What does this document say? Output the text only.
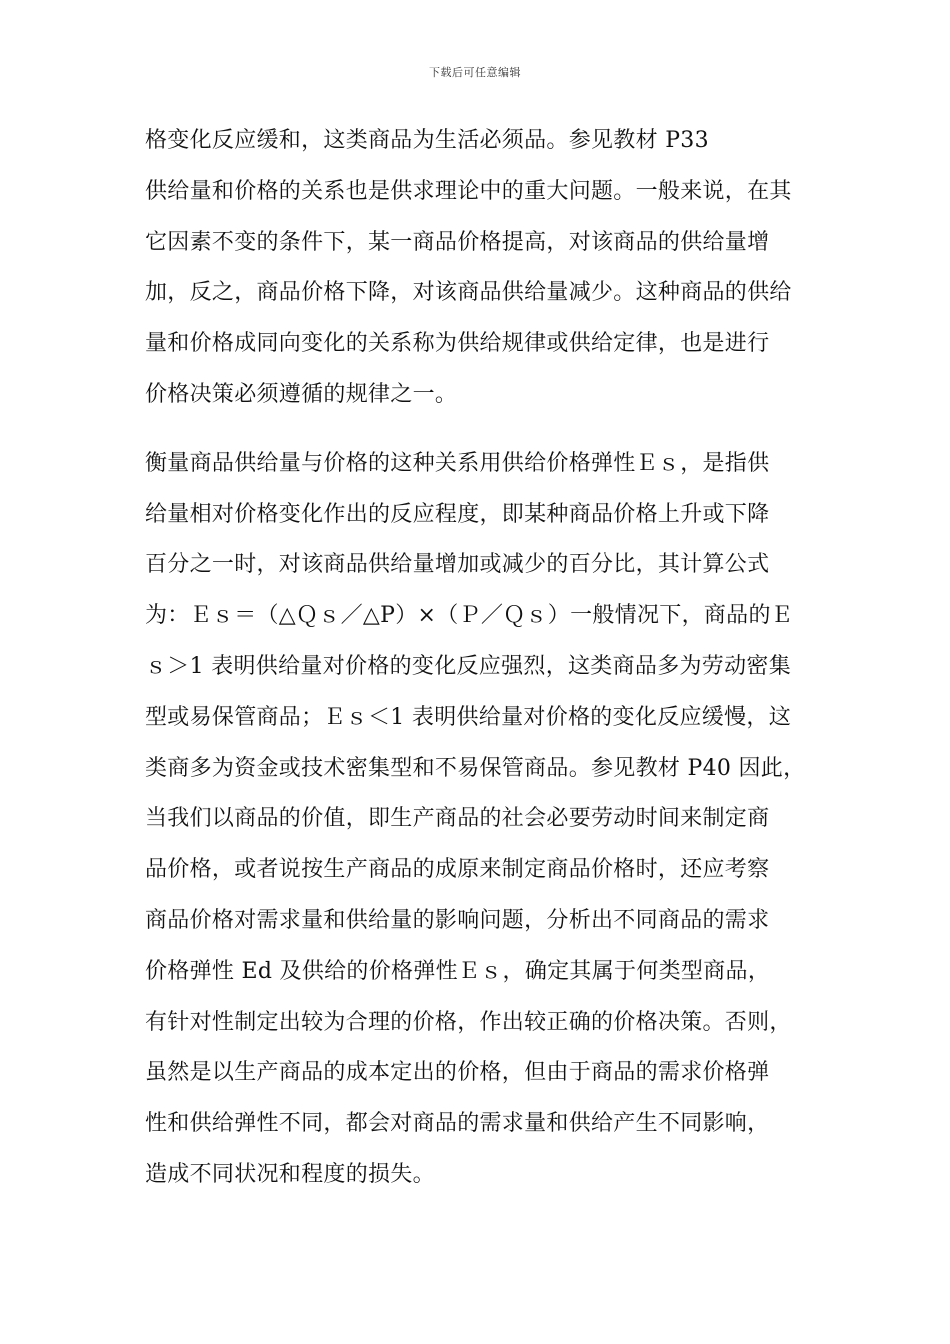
下载后可任意编辑
格变化反应缓和，这类商品为生活必须品。参见教材 P33
供给量和价格的关系也是供求理论中的重大问题。一般来说，在其
它因素不变的条件下，某一商品价格提高，对该商品的供给量增
加，反之，商品价格下降，对该商品供给量减少。这种商品的供给
量和价格成同向变化的关系称为供给规律或供给定律，也是进行
价格决策必须遵循的规律之一。
衡量商品供给量与价格的这种关系用供给价格弹性Ｅｓ，是指供
给量相对价格变化作出的反应程度，即某种商品价格上升或下降
百分之一时，对该商品供给量增加或减少的百分比，其计算公式
为：Ｅｓ＝（△Ｑｓ／△P）×（Ｐ／Ｑｓ）一般情况下，商品的Ｅ
ｓ＞1 表明供给量对价格的变化反应强烈，这类商品多为劳动密集
型或易保管商品；Ｅｓ＜1 表明供给量对价格的变化反应缓慢，这
类商多为资金或技术密集型和不易保管商品。参见教材 P40 因此，
当我们以商品的价值，即生产商品的社会必要劳动时间来制定商
品价格，或者说按生产商品的成原来制定商品价格时，还应考察
商品价格对需求量和供给量的影响问题，分析出不同商品的需求
价格弹性 Ed 及供给的价格弹性Ｅｓ，确定其属于何类型商品，
有针对性制定出较为合理的价格，作出较正确的价格决策。否则，
虽然是以生产商品的成本定出的价格，但由于商品的需求价格弹
性和供给弹性不同，都会对商品的需求量和供给产生不同影响，
造成不同状况和程度的损失。
